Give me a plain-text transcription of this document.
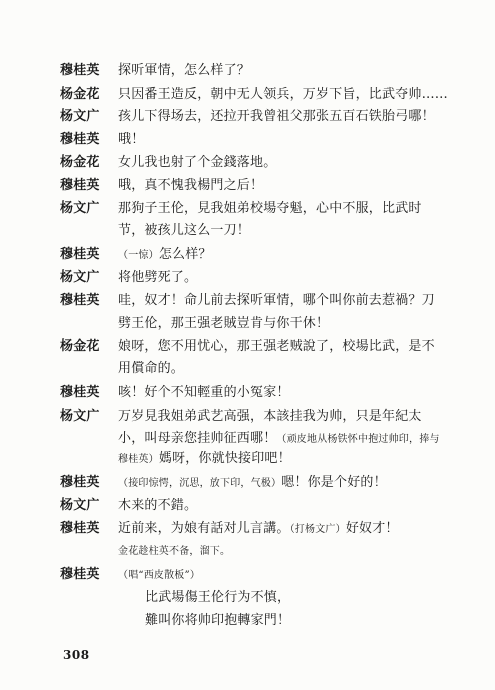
穆桂英 探听軍情，怎么样了？
杨金花 只因番王造反，朝中无人领兵，万岁下旨，比武夺帅……
杨文广 孩儿下得场去，还拉开我曾祖父那张五百石铁胎弓哪！
穆桂英 哦！
杨金花 女儿我也射了个金錢落地。
穆桂英 哦，真不愧我楊門之后！
杨文广 那狗子王伦，見我姐弟校場夺魁，心中不服，比武时
节，被孩儿这么一刀！
穆桂英 （一惊）怎么样？
杨文广 将他劈死了。
穆桂英 哇，奴才！命儿前去探听軍情，哪个叫你前去惹禍？刀
劈王伦，那王强老賊豈肯与你干休！
杨金花 娘呀，您不用忧心，那王强老贼說了，校場比武，是不
用償命的。
穆桂英 咳！好个不知輕重的小冤家！
杨文广 万岁見我姐弟武艺高强，本該挂我为帅，只是年紀太
小，叫母亲您挂帅征西哪！（顽皮地从杨铁怀中抱过帅印，捧与
穆桂英）媽呀，你就快接印吧！
穆桂英 （接印惊愕，沉思，放下印，气极）嗯！你是个好的！
杨文广 木来的不錯。
穆桂英 近前来，为娘有話对儿言講。（打杨文广）好奴才！
金花趁柱英不备，溜下。
穆桂英 （唱“西皮散板”）
比武場傷王伦行为不慎，
難叫你将帅印抱轉家門！
308
